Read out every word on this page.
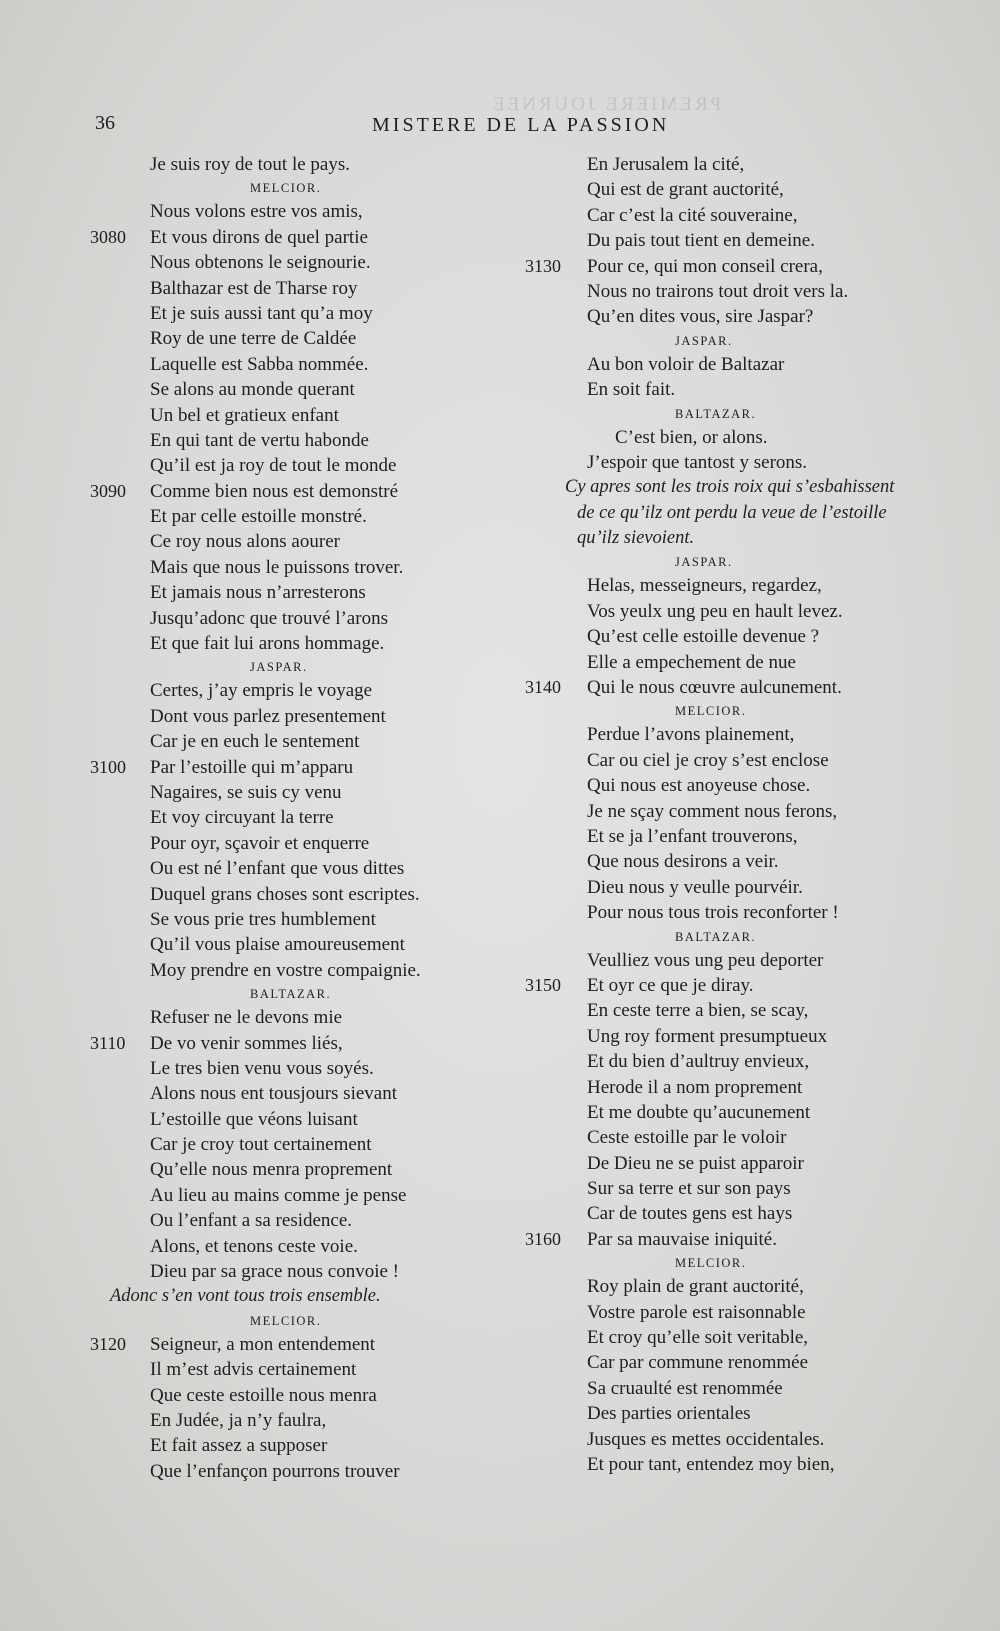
PREMIERE JOURNEE
36	MISTERE DE LA PASSION
Je suis roy de tout le pays.
MELCIOR.
Nous volons estre vos amis,
3080	Et vous dirons de quel partie
Nous obtenons le seignourie.
Balthazar est de Tharse roy
Et je suis aussi tant qu’a moy
Roy de une terre de Caldée
Laquelle est Sabba nommée.
Se alons au monde querant
Un bel et gratieux enfant
En qui tant de vertu habonde
Qu’il est ja roy de tout le monde
3090	Comme bien nous est demonstré
Et par celle estoille monstré.
Ce roy nous alons aourer
Mais que nous le puissons trover.
Et jamais nous n’arresterons
Jusqu’adonc que trouvé l’arons
Et que fait lui arons hommage.
JASPAR.
Certes, j’ay empris le voyage
Dont vous parlez presentement
Car je en euch le sentement
3100	Par l’estoille qui m’apparu
Nagaires, se suis cy venu
Et voy circuyant la terre
Pour oyr, sçavoir et enquerre
Ou est né l’enfant que vous dittes
Duquel grans choses sont escriptes.
Se vous prie tres humblement
Qu’il vous plaise amoureusement
Moy prendre en vostre compaignie.
BALTAZAR.
Refuser ne le devons mie
3110	De vo venir sommes liés,
Le tres bien venu vous soyés.
Alons nous ent tousjours sievant
L’estoille que véons luisant
Car je croy tout certainement
Qu’elle nous menra proprement
Au lieu au mains comme je pense
Ou l’enfant a sa residence.
Alons, et tenons ceste voie.
Dieu par sa grace nous convoie !
Adonc s’en vont tous trois ensemble.
MELCIOR.
3120	Seigneur, a mon entendement
Il m’est advis certainement
Que ceste estoille nous menra
En Judée, ja n’y faulra,
Et fait assez a supposer
Que l’enfançon pourrons trouver
En Jerusalem la cité,
Qui est de grant auctorité,
Car c’est la cité souveraine,
Du pais tout tient en demeine.
3130	Pour ce, qui mon conseil crera,
Nous no trairons tout droit vers la.
Qu’en dites vous, sire Jaspar?
JASPAR.
Au bon voloir de Baltazar
En soit fait.
BALTAZAR.
C’est bien, or alons.
J’espoir que tantost y serons.
Cy apres sont les trois roix qui s’esbahissent
de ce qu’ilz ont perdu la veue de l’estoille
qu’ilz sievoient.
JASPAR.
Helas, messeigneurs, regardez,
Vos yeulx ung peu en hault levez.
Qu’est celle estoille devenue ?
Elle a empechement de nue
3140	Qui le nous cœuvre aulcunement.
MELCIOR.
Perdue l’avons plainement,
Car ou ciel je croy s’est enclose
Qui nous est anoyeuse chose.
Je ne sçay comment nous ferons,
Et se ja l’enfant trouverons,
Que nous desirons a veir.
Dieu nous y veulle pourvéir.
Pour nous tous trois reconforter !
BALTAZAR.
Veulliez vous ung peu deporter
3150	Et oyr ce que je diray.
En ceste terre a bien, se scay,
Ung roy forment presumptueux
Et du bien d’aultruy envieux,
Herode il a nom proprement
Et me doubte qu’aucunement
Ceste estoille par le voloir
De Dieu ne se puist apparoir
Sur sa terre et sur son pays
Car de toutes gens est hays
3160	Par sa mauvaise iniquité.
MELCIOR.
Roy plain de grant auctorité,
Vostre parole est raisonnable
Et croy qu’elle soit veritable,
Car par commune renommée
Sa cruaulté est renommée
Des parties orientales
Jusques es mettes occidentales.
Et pour tant, entendez moy bien,
